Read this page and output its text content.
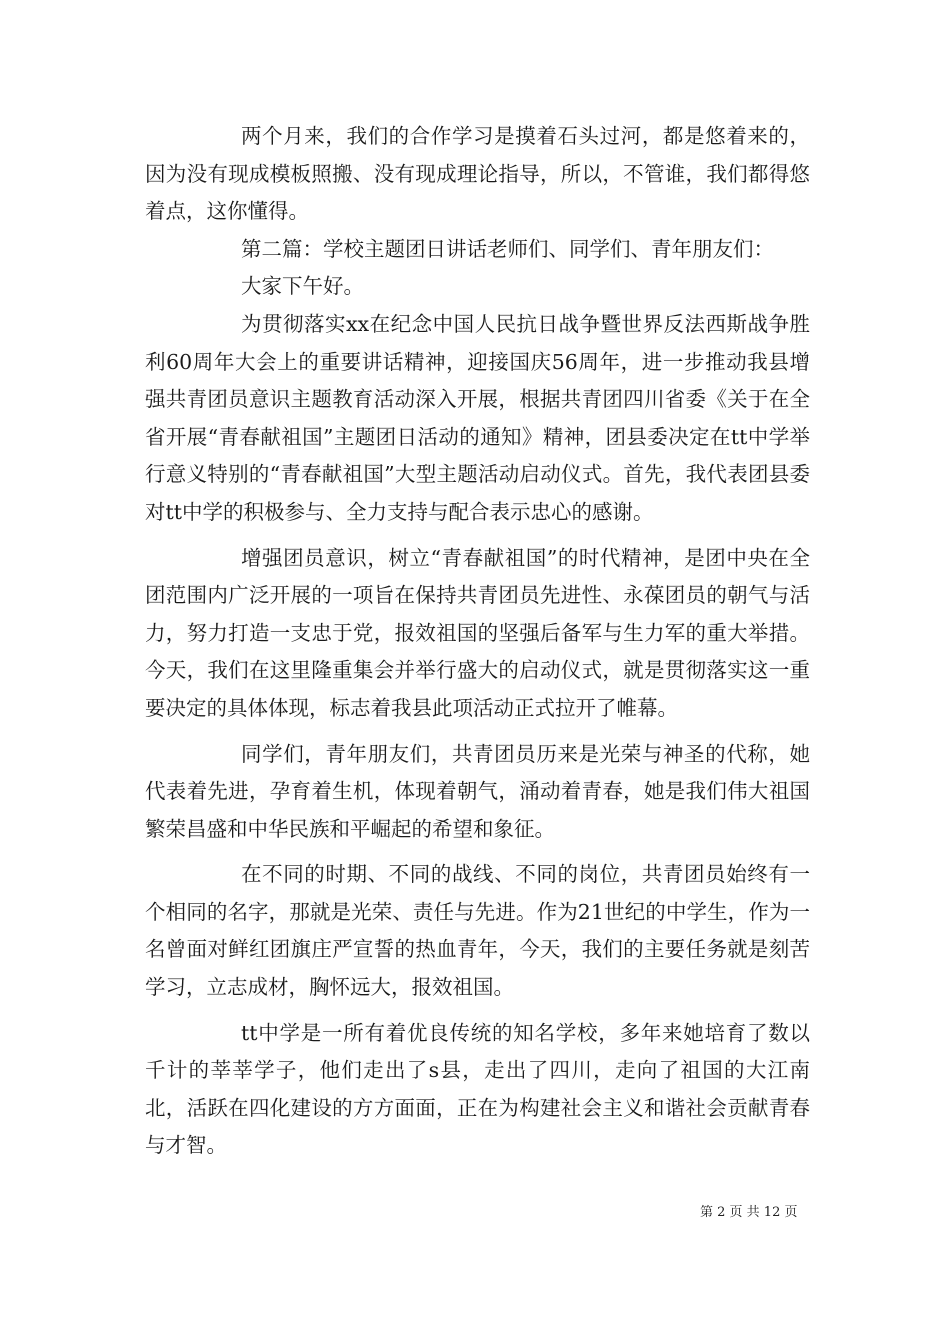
两个月来，我们的合作学习是摸着石头过河，都是悠着来的，因为没有现成模板照搬、没有现成理论指导，所以，不管谁，我们都得悠着点，这你懂得。

第二篇：学校主题团日讲话老师们、同学们、青年朋友们：

大家下午好。

为贯彻落实xx在纪念中国人民抗日战争暨世界反法西斯战争胜利60周年大会上的重要讲话精神，迎接国庆56周年，进一步推动我县增强共青团员意识主题教育活动深入开展，根据共青团四川省委《关于在全省开展“青春献祖国”主题团日活动的通知》精神，团县委决定在tt中学举行意义特别的“青春献祖国”大型主题活动启动仪式。首先，我代表团县委对tt中学的积极参与、全力支持与配合表示忠心的感谢。

增强团员意识，树立“青春献祖国”的时代精神，是团中央在全团范围内广泛开展的一项旨在保持共青团员先进性、永葆团员的朝气与活力，努力打造一支忠于党，报效祖国的坚强后备军与生力军的重大举措。今天，我们在这里隆重集会并举行盛大的启动仪式，就是贯彻落实这一重要决定的具体体现，标志着我县此项活动正式拉开了帷幕。

同学们，青年朋友们，共青团员历来是光荣与神圣的代称，她代表着先进，孕育着生机，体现着朝气，涌动着青春，她是我们伟大祖国繁荣昌盛和中华民族和平崛起的希望和象征。

在不同的时期、不同的战线、不同的岗位，共青团员始终有一个相同的名字，那就是光荣、责任与先进。作为21世纪的中学生，作为一名曾面对鲜红团旗庄严宣誓的热血青年，今天，我们的主要任务就是刻苦学习，立志成材，胸怀远大，报效祖国。

tt中学是一所有着优良传统的知名学校，多年来她培育了数以千计的莘莘学子，他们走出了s县，走出了四川，走向了祖国的大江南北，活跃在四化建设的方方面面，正在为构建社会主义和谐社会贡献青春与才智。

第 2 页 共 12 页
